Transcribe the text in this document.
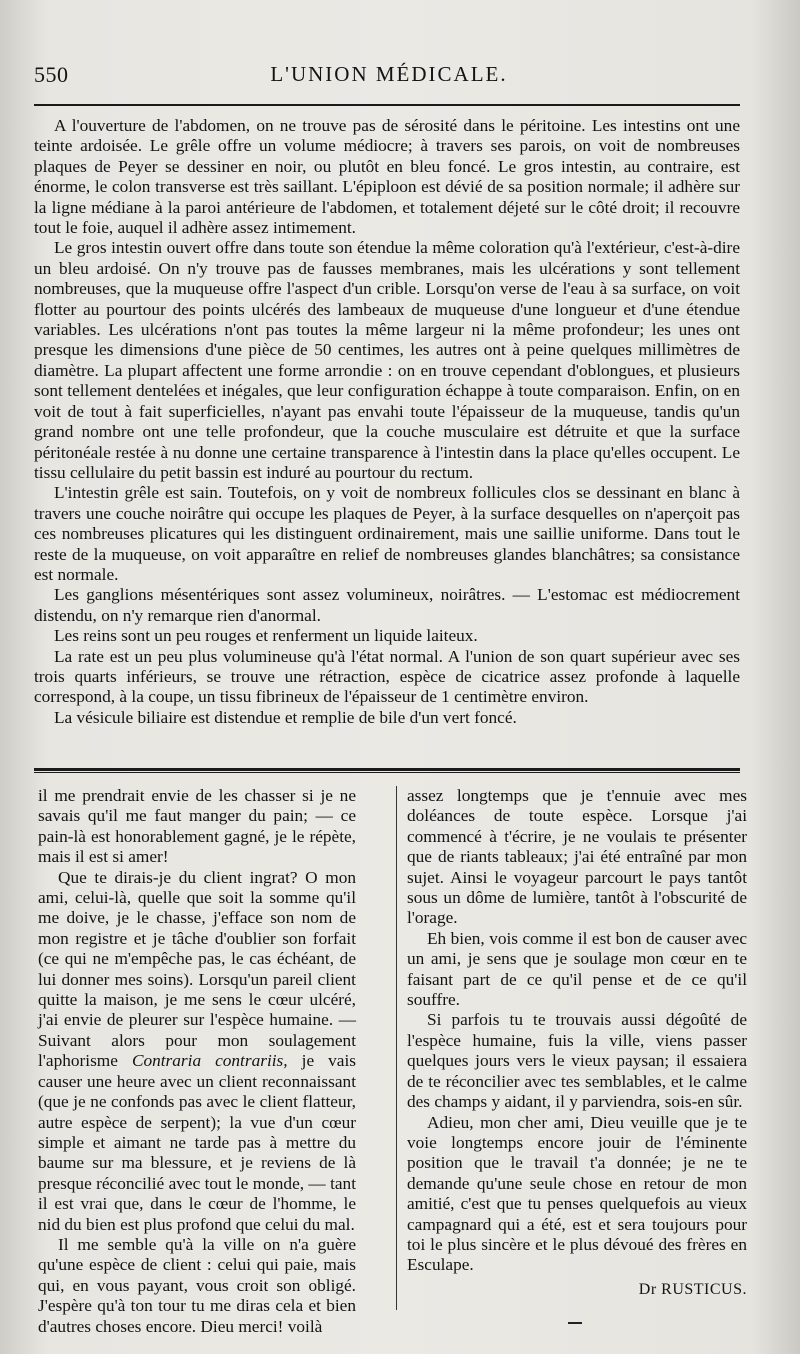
550	L'UNION MÉDICALE.

A l'ouverture de l'abdomen, on ne trouve pas de sérosité dans le péritoine. Les intestins ont une teinte ardoisée. Le grêle offre un volume médiocre; à travers ses parois, on voit de nombreuses plaques de Peyer se dessiner en noir, ou plutôt en bleu foncé. Le gros intestin, au contraire, est énorme, le colon transverse est très saillant. L'épiploon est dévié de sa position normale; il adhère sur la ligne médiane à la paroi antérieure de l'abdomen, et totalement déjeté sur le côté droit; il recouvre tout le foie, auquel il adhère assez intimement.

Le gros intestin ouvert offre dans toute son étendue la même coloration qu'à l'extérieur, c'est-à-dire un bleu ardoisé. On n'y trouve pas de fausses membranes, mais les ulcérations y sont tellement nombreuses, que la muqueuse offre l'aspect d'un crible. Lorsqu'on verse de l'eau à sa surface, on voit flotter au pourtour des points ulcérés des lambeaux de muqueuse d'une longueur et d'une étendue variables. Les ulcérations n'ont pas toutes la même largeur ni la même profondeur; les unes ont presque les dimensions d'une pièce de 50 centimes, les autres ont à peine quelques millimètres de diamètre. La plupart affectent une forme arrondie : on en trouve cependant d'oblongues, et plusieurs sont tellement dentelées et inégales, que leur configuration échappe à toute comparaison. Enfin, on en voit de tout à fait superficielles, n'ayant pas envahi toute l'épaisseur de la muqueuse, tandis qu'un grand nombre ont une telle profondeur, que la couche musculaire est détruite et que la surface péritonéale restée à nu donne une certaine transparence à l'intestin dans la place qu'elles occupent. Le tissu cellulaire du petit bassin est induré au pourtour du rectum.

L'intestin grêle est sain. Toutefois, on y voit de nombreux follicules clos se dessinant en blanc à travers une couche noirâtre qui occupe les plaques de Peyer, à la surface desquelles on n'aperçoit pas ces nombreuses plicatures qui les distinguent ordinairement, mais une saillie uniforme. Dans tout le reste de la muqueuse, on voit apparaître en relief de nombreuses glandes blanchâtres; sa consistance est normale.

Les ganglions mésentériques sont assez volumineux, noirâtres. — L'estomac est médiocrement distendu, on n'y remarque rien d'anormal.

Les reins sont un peu rouges et renferment un liquide laiteux.

La rate est un peu plus volumineuse qu'à l'état normal. A l'union de son quart supérieur avec ses trois quarts inférieurs, se trouve une rétraction, espèce de cicatrice assez profonde à laquelle correspond, à la coupe, un tissu fibrineux de l'épaisseur de 1 centimètre environ.

La vésicule biliaire est distendue et remplie de bile d'un vert foncé.

il me prendrait envie de les chasser si je ne savais qu'il me faut manger du pain; — ce pain-là est honorablement gagné, je le répète, mais il est si amer!

Que te dirais-je du client ingrat? O mon ami, celui-là, quelle que soit la somme qu'il me doive, je le chasse, j'efface son nom de mon registre et je tâche d'oublier son forfait (ce qui ne m'empêche pas, le cas échéant, de lui donner mes soins). Lorsqu'un pareil client quitte la maison, je me sens le cœur ulcéré, j'ai envie de pleurer sur l'espèce humaine. — Suivant alors pour mon soulagement l'aphorisme Contraria contrariis, je vais causer une heure avec un client reconnaissant (que je ne confonds pas avec le client flatteur, autre espèce de serpent); la vue d'un cœur simple et aimant ne tarde pas à mettre du baume sur ma blessure, et je reviens de là presque réconcilié avec tout le monde, — tant il est vrai que, dans le cœur de l'homme, le nid du bien est plus profond que celui du mal.

Il me semble qu'à la ville on n'a guère qu'une espèce de client : celui qui paie, mais qui, en vous payant, vous croit son obligé. J'espère qu'à ton tour tu me diras cela et bien d'autres choses encore. Dieu merci! voilà

assez longtemps que je t'ennuie avec mes doléances de toute espèce. Lorsque j'ai commencé à t'écrire, je ne voulais te présenter que de riants tableaux; j'ai été entraîné par mon sujet. Ainsi le voyageur parcourt le pays tantôt sous un dôme de lumière, tantôt à l'obscurité de l'orage.

Eh bien, vois comme il est bon de causer avec un ami, je sens que je soulage mon cœur en te faisant part de ce qu'il pense et de ce qu'il souffre.

Si parfois tu te trouvais aussi dégoûté de l'espèce humaine, fuis la ville, viens passer quelques jours vers le vieux paysan; il essaiera de te réconcilier avec tes semblables, et le calme des champs y aidant, il y parviendra, sois-en sûr.

Adieu, mon cher ami, Dieu veuille que je te voie longtemps encore jouir de l'éminente position que le travail t'a donnée; je ne te demande qu'une seule chose en retour de mon amitié, c'est que tu penses quelquefois au vieux campagnard qui a été, est et sera toujours pour toi le plus sincère et le plus dévoué des frères en Esculape.

Dr RUSTICUS.
